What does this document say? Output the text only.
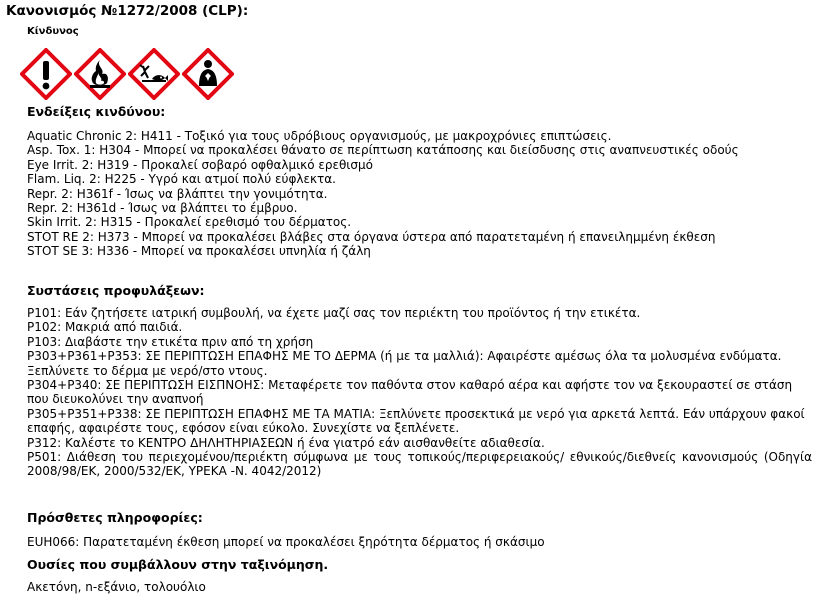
Κανονισμός №1272/2008 (CLP):
Κίνδυνος
Ενδείξεις κινδύνου:
Aquatic Chronic 2: H411 - Τοξικό για τους υδρόβιους οργανισμούς, με μακροχρόνιες επιπτώσεις.
Asp. Tox. 1: H304 - Μπορεί να προκαλέσει θάνατο σε περίπτωση κατάποσης και διείσδυσης στις αναπνευστικές οδούς
Eye Irrit. 2: H319 - Προκαλεί σοβαρό οφθαλμικό ερεθισμό
Flam. Liq. 2: H225 - Υγρό και ατμοί πολύ εύφλεκτα.
Repr. 2: H361f - Ίσως να βλάπτει την γονιμότητα.
Repr. 2: H361d - Ίσως να βλάπτει το έμβρυο.
Skin Irrit. 2: H315 - Προκαλεί ερεθισμό του δέρματος.
STOT RE 2: H373 - Μπορεί να προκαλέσει βλάβες στα όργανα ύστερα από παρατεταμένη ή επανειλημμένη έκθεση
STOT SE 3: H336 - Μπορεί να προκαλέσει υπνηλία ή ζάλη
Συστάσεις προφυλάξεων:
P101: Εάν ζητήσετε ιατρική συμβουλή, να έχετε μαζί σας τον περιέκτη του προϊόντος ή την ετικέτα.
P102: Μακριά από παιδιά.
P103: Διαβάστε την ετικέτα πριν από τη χρήση
P303+P361+P353: ΣΕ ΠΕΡΙΠΤΩΣΗ ΕΠΑΦΗΣ ΜΕ ΤΟ ΔΕΡΜΑ (ή με τα μαλλιά): Αφαιρέστε αμέσως όλα τα μολυσμένα ενδύματα. Ξεπλύνετε το δέρμα με νερό/στο ντους.
P304+P340: ΣΕ ΠΕΡΙΠΤΩΣΗ ΕΙΣΠΝΟΗΣ: Μεταφέρετε τον παθόντα στον καθαρό αέρα και αφήστε τον να ξεκουραστεί σε στάση που διευκολύνει την αναπνοή
P305+P351+P338: ΣΕ ΠΕΡΙΠΤΩΣΗ ΕΠΑΦΗΣ ΜΕ ΤΑ ΜΑΤΙΑ: Ξεπλύνετε προσεκτικά με νερό για αρκετά λεπτά. Εάν υπάρχουν φακοί επαφής, αφαιρέστε τους, εφόσον είναι εύκολο. Συνεχίστε να ξεπλένετε.
P312: Καλέστε το ΚΕΝΤΡΟ ΔΗΛΗΤΗΡΙΑΣΕΩΝ ή ένα γιατρό εάν αισθανθείτε αδιαθεσία.
P501: Διάθεση του περιεχομένου/περιέκτη σύμφωνα με τους τοπικούς/περιφερειακούς/ εθνικούς/διεθνείς κανονισμούς (Οδηγία 2008/98/ΕΚ, 2000/532/ΕΚ, ΥΡΕΚΑ -N. 4042/2012)
Πρόσθετες πληροφορίες:
EUH066: Παρατεταμένη έκθεση μπορεί να προκαλέσει ξηρότητα δέρματος ή σκάσιμο
Ουσίες που συμβάλλουν στην ταξινόμηση.
Ακετόνη, n-εξάνιο, τολουόλιο
